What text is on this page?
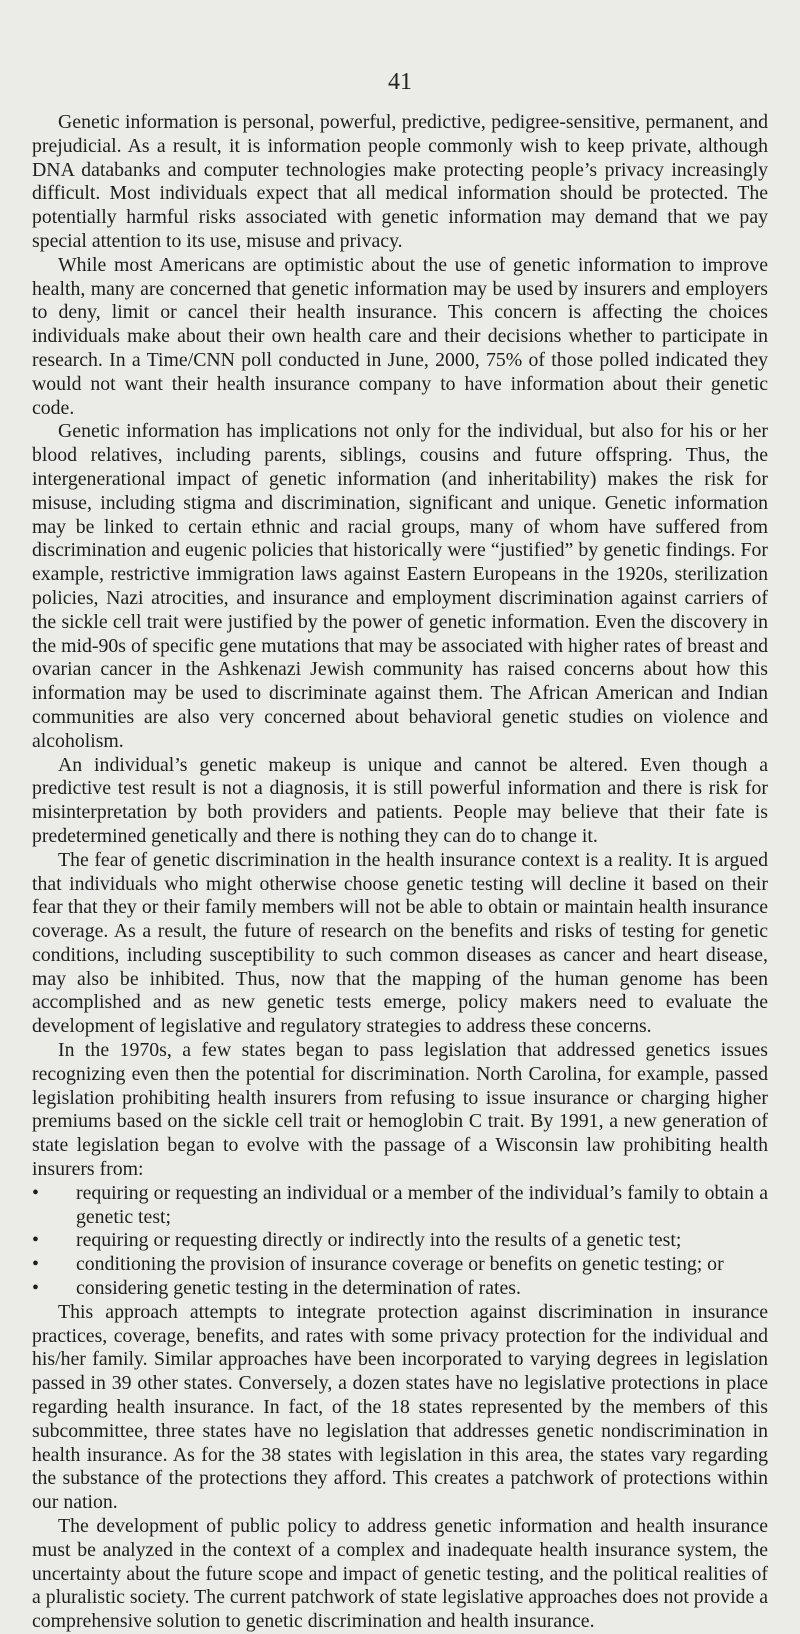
41

Genetic information is personal, powerful, predictive, pedigree-sensitive, permanent, and prejudicial. As a result, it is information people commonly wish to keep private, although DNA databanks and computer technologies make protecting people’s privacy increasingly difficult. Most individuals expect that all medical information should be protected. The potentially harmful risks associated with genetic information may demand that we pay special attention to its use, misuse and privacy.

While most Americans are optimistic about the use of genetic information to improve health, many are concerned that genetic information may be used by insurers and employers to deny, limit or cancel their health insurance. This concern is affecting the choices individuals make about their own health care and their decisions whether to participate in research. In a Time/CNN poll conducted in June, 2000, 75% of those polled indicated they would not want their health insurance company to have information about their genetic code.

Genetic information has implications not only for the individual, but also for his or her blood relatives, including parents, siblings, cousins and future offspring. Thus, the intergenerational impact of genetic information (and inheritability) makes the risk for misuse, including stigma and discrimination, significant and unique. Genetic information may be linked to certain ethnic and racial groups, many of whom have suffered from discrimination and eugenic policies that historically were “justified” by genetic findings. For example, restrictive immigration laws against Eastern Europeans in the 1920s, sterilization policies, Nazi atrocities, and insurance and employment discrimination against carriers of the sickle cell trait were justified by the power of genetic information. Even the discovery in the mid-90s of specific gene mutations that may be associated with higher rates of breast and ovarian cancer in the Ashkenazi Jewish community has raised concerns about how this information may be used to discriminate against them. The African American and Indian communities are also very concerned about behavioral genetic studies on violence and alcoholism.

An individual’s genetic makeup is unique and cannot be altered. Even though a predictive test result is not a diagnosis, it is still powerful information and there is risk for misinterpretation by both providers and patients. People may believe that their fate is predetermined genetically and there is nothing they can do to change it.

The fear of genetic discrimination in the health insurance context is a reality. It is argued that individuals who might otherwise choose genetic testing will decline it based on their fear that they or their family members will not be able to obtain or maintain health insurance coverage. As a result, the future of research on the benefits and risks of testing for genetic conditions, including susceptibility to such common diseases as cancer and heart disease, may also be inhibited. Thus, now that the mapping of the human genome has been accomplished and as new genetic tests emerge, policy makers need to evaluate the development of legislative and regulatory strategies to address these concerns.

In the 1970s, a few states began to pass legislation that addressed genetics issues recognizing even then the potential for discrimination. North Carolina, for example, passed legislation prohibiting health insurers from refusing to issue insurance or charging higher premiums based on the sickle cell trait or hemoglobin C trait. By 1991, a new generation of state legislation began to evolve with the passage of a Wisconsin law prohibiting health insurers from:

• requiring or requesting an individual or a member of the individual’s family to obtain a genetic test;
• requiring or requesting directly or indirectly into the results of a genetic test;
• conditioning the provision of insurance coverage or benefits on genetic testing; or
• considering genetic testing in the determination of rates.

This approach attempts to integrate protection against discrimination in insurance practices, coverage, benefits, and rates with some privacy protection for the individual and his/her family. Similar approaches have been incorporated to varying degrees in legislation passed in 39 other states. Conversely, a dozen states have no legislative protections in place regarding health insurance. In fact, of the 18 states represented by the members of this subcommittee, three states have no legislation that addresses genetic nondiscrimination in health insurance. As for the 38 states with legislation in this area, the states vary regarding the substance of the protections they afford. This creates a patchwork of protections within our nation.

The development of public policy to address genetic information and health insurance must be analyzed in the context of a complex and inadequate health insurance system, the uncertainty about the future scope and impact of genetic testing, and the political realities of a pluralistic society. The current patchwork of state legislative approaches does not provide a comprehensive solution to genetic discrimination and health insurance.
